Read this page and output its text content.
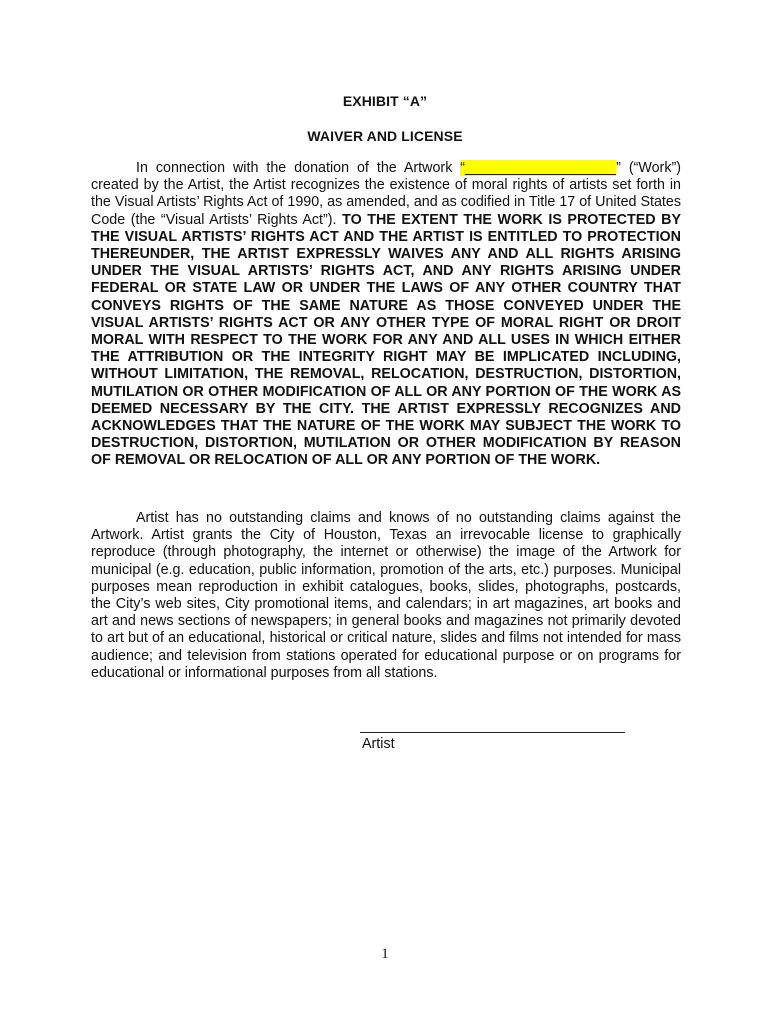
EXHIBIT “A”
WAIVER AND LICENSE
In connection with the donation of the Artwork “___________________” (“Work”) created by the Artist, the Artist recognizes the existence of moral rights of artists set forth in the Visual Artists’ Rights Act of 1990, as amended, and as codified in Title 17 of United States Code (the “Visual Artists’ Rights Act”). TO THE EXTENT THE WORK IS PROTECTED BY THE VISUAL ARTISTS’ RIGHTS ACT AND THE ARTIST IS ENTITLED TO PROTECTION THEREUNDER, THE ARTIST EXPRESSLY WAIVES ANY AND ALL RIGHTS ARISING UNDER THE VISUAL ARTISTS’ RIGHTS ACT, AND ANY RIGHTS ARISING UNDER FEDERAL OR STATE LAW OR UNDER THE LAWS OF ANY OTHER COUNTRY THAT CONVEYS RIGHTS OF THE SAME NATURE AS THOSE CONVEYED UNDER THE VISUAL ARTISTS’ RIGHTS ACT OR ANY OTHER TYPE OF MORAL RIGHT OR DROIT MORAL WITH RESPECT TO THE WORK FOR ANY AND ALL USES IN WHICH EITHER THE ATTRIBUTION OR THE INTEGRITY RIGHT MAY BE IMPLICATED INCLUDING, WITHOUT LIMITATION, THE REMOVAL, RELOCATION, DESTRUCTION, DISTORTION, MUTILATION OR OTHER MODIFICATION OF ALL OR ANY PORTION OF THE WORK AS DEEMED NECESSARY BY THE CITY. THE ARTIST EXPRESSLY RECOGNIZES AND ACKNOWLEDGES THAT THE NATURE OF THE WORK MAY SUBJECT THE WORK TO DESTRUCTION, DISTORTION, MUTILATION OR OTHER MODIFICATION BY REASON OF REMOVAL OR RELOCATION OF ALL OR ANY PORTION OF THE WORK.
Artist has no outstanding claims and knows of no outstanding claims against the Artwork. Artist grants the City of Houston, Texas an irrevocable license to graphically reproduce (through photography, the internet or otherwise) the image of the Artwork for municipal (e.g. education, public information, promotion of the arts, etc.) purposes. Municipal purposes mean reproduction in exhibit catalogues, books, slides, photographs, postcards, the City’s web sites, City promotional items, and calendars; in art magazines, art books and art and news sections of newspapers; in general books and magazines not primarily devoted to art but of an educational, historical or critical nature, slides and films not intended for mass audience; and television from stations operated for educational purpose or on programs for educational or informational purposes from all stations.
Artist
1
